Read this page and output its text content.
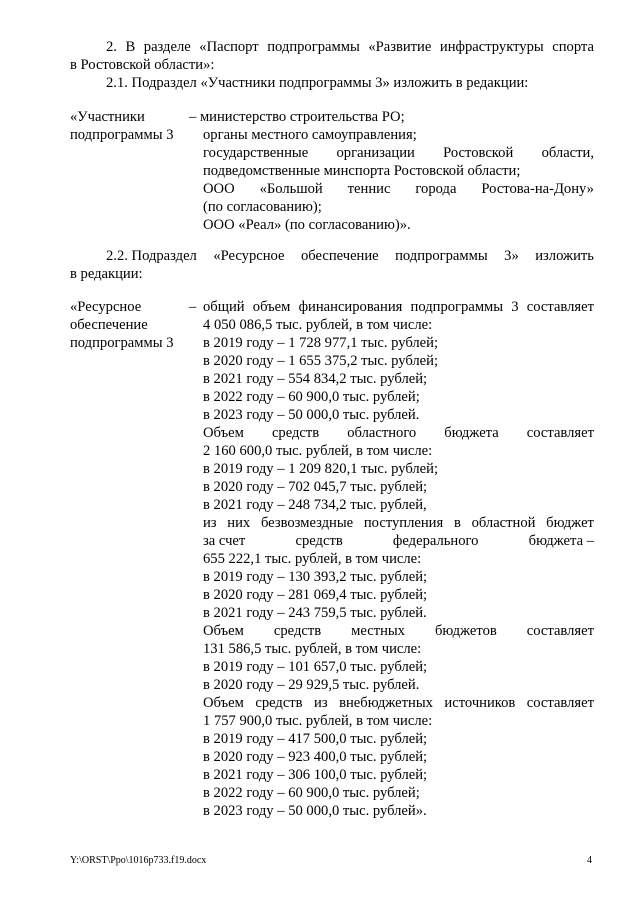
2. В разделе «Паспорт подпрограммы «Развитие инфраструктуры спорта
в Ростовской области»:
2.1. Подраздел «Участники подпрограммы 3» изложить в редакции:
«Участники
подпрограммы 3
– министерство строительства РО;
органы местного самоуправления;
государственные организации Ростовской области,
подведомственные минспорта Ростовской области;
ООО «Большой теннис города Ростова-на-Дону»
(по согласованию);
ООО «Реал» (по согласованию)».
2.2. Подраздел «Ресурсное обеспечение подпрограммы 3» изложить
в редакции:
«Ресурсное
обеспечение
подпрограммы 3
– общий объем финансирования подпрограммы 3 составляет
4 050 086,5 тыс. рублей, в том числе:
в 2019 году – 1 728 977,1 тыс. рублей;
в 2020 году – 1 655 375,2 тыс. рублей;
в 2021 году – 554 834,2 тыс. рублей;
в 2022 году – 60 900,0 тыс. рублей;
в 2023 году – 50 000,0 тыс. рублей.
Объем средств областного бюджета составляет
2 160 600,0 тыс. рублей, в том числе:
в 2019 году – 1 209 820,1 тыс. рублей;
в 2020 году – 702 045,7 тыс. рублей;
в 2021 году – 248 734,2 тыс. рублей,
из них безвозмездные поступления в областной бюджет
за счет	средств	федерального	бюджета –
655 222,1 тыс. рублей, в том числе:
в 2019 году – 130 393,2 тыс. рублей;
в 2020 году – 281 069,4 тыс. рублей;
в 2021 году – 243 759,5 тыс. рублей.
Объем средств местных бюджетов составляет
131 586,5 тыс. рублей, в том числе:
в 2019 году – 101 657,0 тыс. рублей;
в 2020 году – 29 929,5 тыс. рублей.
Объем средств из внебюджетных источников составляет
1 757 900,0 тыс. рублей, в том числе:
в 2019 году – 417 500,0 тыс. рублей;
в 2020 году – 923 400,0 тыс. рублей;
в 2021 году – 306 100,0 тыс. рублей;
в 2022 году – 60 900,0 тыс. рублей;
в 2023 году – 50 000,0 тыс. рублей».
Y:\ORST\Ppo\1016p733.f19.docx	4
